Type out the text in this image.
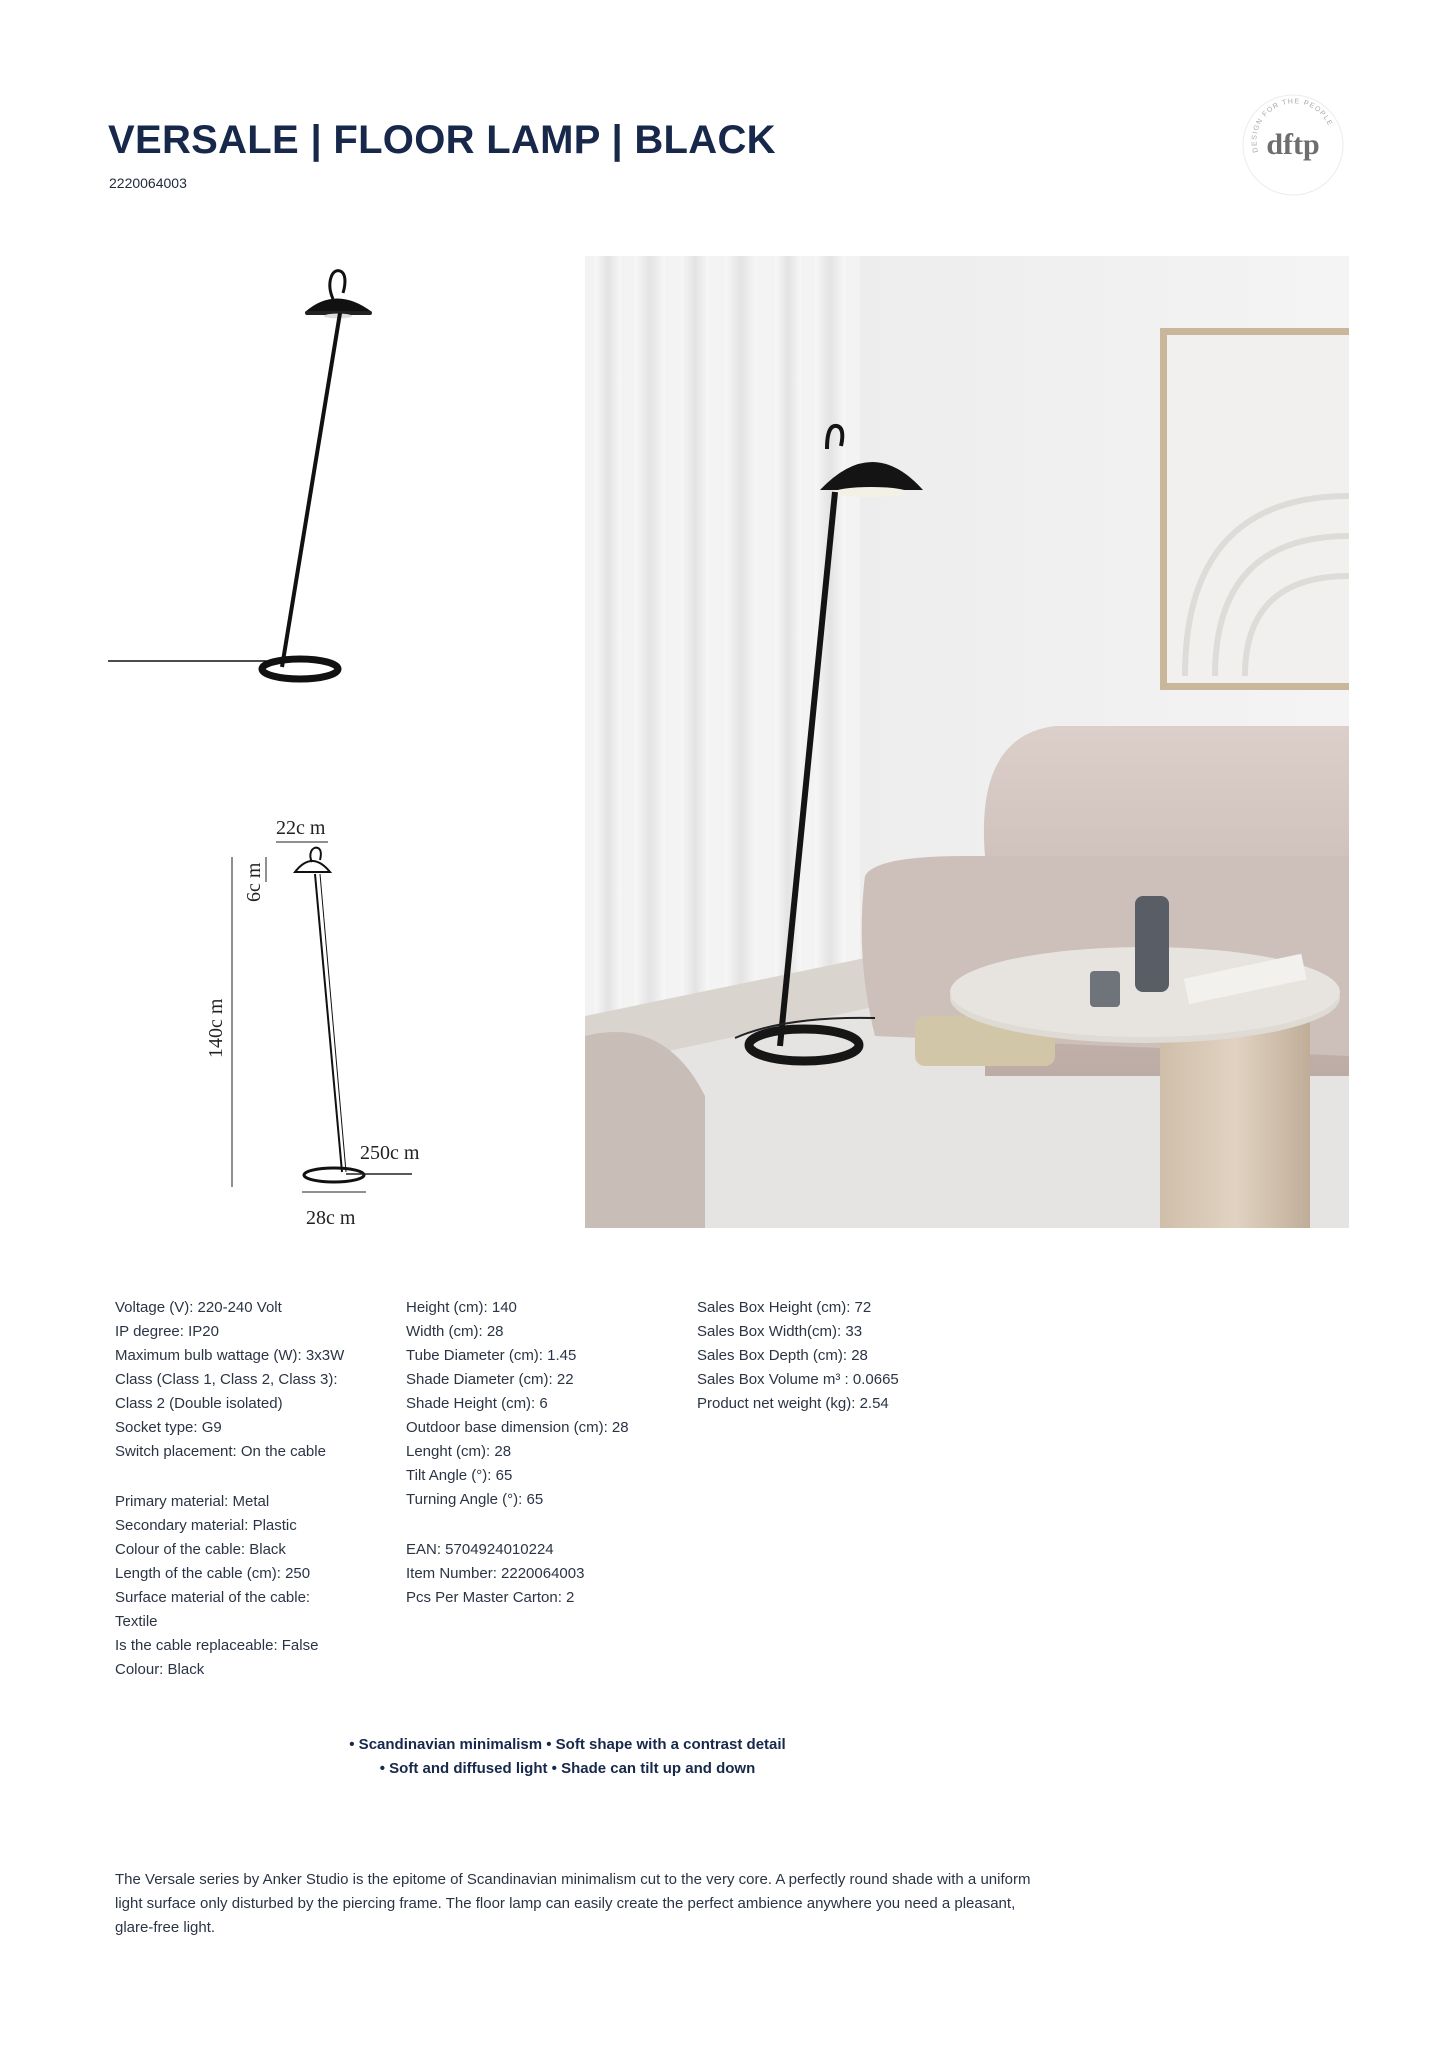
VERSALE | FLOOR LAMP | BLACK
2220064003
DESIGN FOR THE PEOPLE
dftp
22c m
6c m
140c m
250c m
28c m
Voltage (V): 220-240 Volt
IP degree: IP20
Maximum bulb wattage (W): 3x3W
Class (Class 1, Class 2, Class 3):
Class 2 (Double isolated)
Socket type: G9
Switch placement: On the cable
Primary material: Metal
Secondary material: Plastic
Colour of the cable: Black
Length of the cable (cm): 250
Surface material of the cable:
Textile
Is the cable replaceable: False
Colour: Black
Height (cm): 140
Width (cm): 28
Tube Diameter (cm): 1.45
Shade Diameter (cm): 22
Shade Height (cm): 6
Outdoor base dimension (cm): 28
Lenght (cm): 28
Tilt Angle (°): 65
Turning Angle (°): 65
EAN: 5704924010224
Item Number: 2220064003
Pcs Per Master Carton: 2
Sales Box Height (cm): 72
Sales Box Width(cm): 33
Sales Box Depth (cm): 28
Sales Box Volume m³ : 0.0665
Product net weight (kg): 2.54
• Scandinavian minimalism • Soft shape with a contrast detail
• Soft and diffused light • Shade can tilt up and down
The Versale series by Anker Studio is the epitome of Scandinavian minimalism cut to the very core. A perfectly round shade with a uniform light surface only disturbed by the piercing frame. The floor lamp can easily create the perfect ambience anywhere you need a pleasant, glare-free light.
